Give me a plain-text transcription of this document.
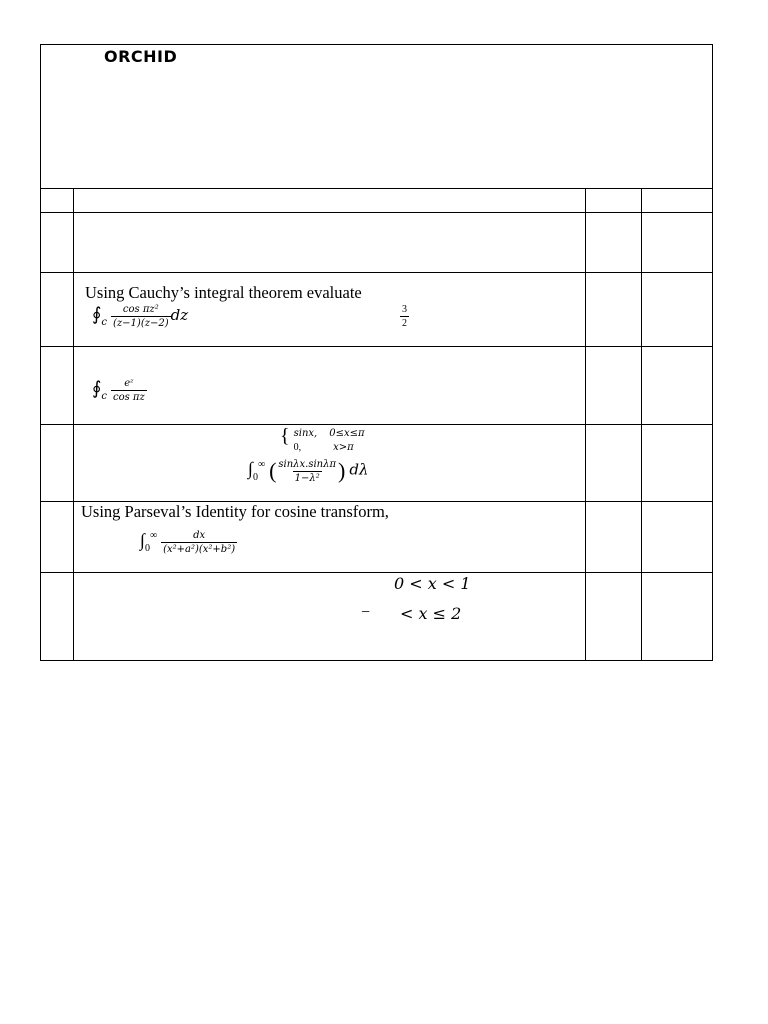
ORCHID
Using Cauchy’s integral theorem evaluate
$∮_c \frac{\text{cos πz²}}{(z-1)(z-2)}$ dz	$\frac{3}{2}$
$∮_c \frac{\text{eᶻ}}{\text{cos πz}}$
{ sinx, 0≤x≤π
0,	x>π
$\int_0^\infty$ ( $\frac{\sin\lambda x.\sin\lambda\pi}{\text{1−λ²}}$ ) dλ
Using Parseval’s Identity for cosine transform,
$\int_0^\infty \frac{dx}{\text{(x²+a²)(x²+b²)}}$
0 < x < 1
− < x ≤ 2
